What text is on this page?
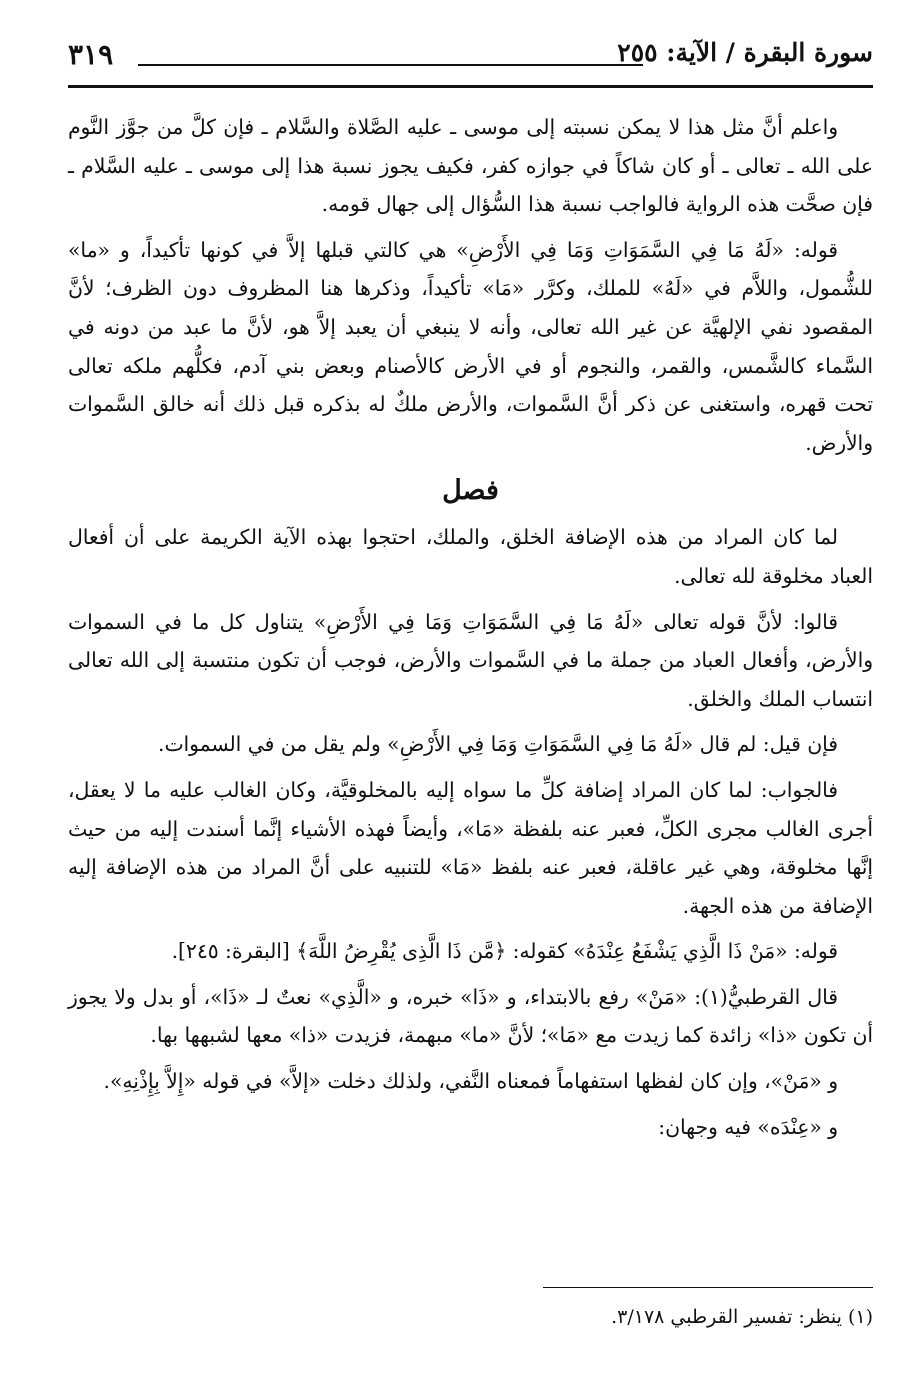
سورة البقرة / الآية: ٢٥٥
٣١٩

واعلم أنَّ مثل هذا لا يمكن نسبته إلى موسى ـ عليه الصَّلاة والسَّلام ـ فإن كلَّ من جوَّز النَّوم على الله ـ تعالى ـ أو كان شاكاً في جوازه كفر، فكيف يجوز نسبة هذا إلى موسى ـ عليه السَّلام ـ فإن صحَّت هذه الرواية فالواجب نسبة هذا السُّؤال إلى جهال قومه.

قوله: «لَهُ مَا فِي السَّمَوَاتِ وَمَا فِي الأَرْضِ» هي كالتي قبلها إلاَّ في كونها تأكيداً، و «ما» للشُّمول، واللاَّم في «لَهُ» للملك، وكرَّر «مَا» تأكيداً، وذكرها هنا المظروف دون الظرف؛ لأنَّ المقصود نفي الإلهيَّة عن غير الله تعالى، وأنه لا ينبغي أن يعبد إلاَّ هو، لأنَّ ما عبد من دونه في السَّماء كالشَّمس، والقمر، والنجوم أو في الأرض كالأصنام وبعض بني آدم، فكلُّهم ملكه تعالى تحت قهره، واستغنى عن ذكر أنَّ السَّموات، والأرض ملكٌ له بذكره قبل ذلك أنه خالق السَّموات والأرض.

فصل

لما كان المراد من هذه الإضافة الخلق، والملك، احتجوا بهذه الآية الكريمة على أن أفعال العباد مخلوقة لله تعالى.

قالوا: لأنَّ قوله تعالى «لَهُ مَا فِي السَّمَوَاتِ وَمَا فِي الأَرْضِ» يتناول كل ما في السموات والأرض، وأفعال العباد من جملة ما في السَّموات والأرض، فوجب أن تكون منتسبة إلى الله تعالى انتساب الملك والخلق.

فإن قيل: لم قال «لَهُ مَا فِي السَّمَوَاتِ وَمَا فِي الأَرْضِ» ولم يقل من في السموات.

فالجواب: لما كان المراد إضافة كلِّ ما سواه إليه بالمخلوقيَّة، وكان الغالب عليه ما لا يعقل، أجرى الغالب مجرى الكلِّ، فعبر عنه بلفظة «مَا»، وأيضاً فهذه الأشياء إنَّما أسندت إليه من حيث إنَّها مخلوقة، وهي غير عاقلة، فعبر عنه بلفظ «مَا» للتنبيه على أنَّ المراد من هذه الإضافة إليه الإضافة من هذه الجهة.

قوله: «مَنْ ذَا الَّذِي يَشْفَعُ عِنْدَهُ» كقوله: ﴿مَّن ذَا الَّذِى يُقْرِضُ اللَّهَ﴾ [البقرة: ٢٤٥].

قال القرطبيُّ(١): «مَنْ» رفع بالابتداء، و «ذَا» خبره، و «الَّذِي» نعتٌ لـ «ذَا»، أو بدل ولا يجوز أن تكون «ذا» زائدة كما زيدت مع «مَا»؛ لأنَّ «ما» مبهمة، فزيدت «ذا» معها لشبهها بها.

و «مَنْ»، وإن كان لفظها استفهاماً فمعناه النَّفي، ولذلك دخلت «إلاَّ» في قوله «إِلاَّ بِإِذْنِهِ».

و «عِنْدَه» فيه وجهان:

(١) ينظر: تفسير القرطبي ٣/١٧٨.
